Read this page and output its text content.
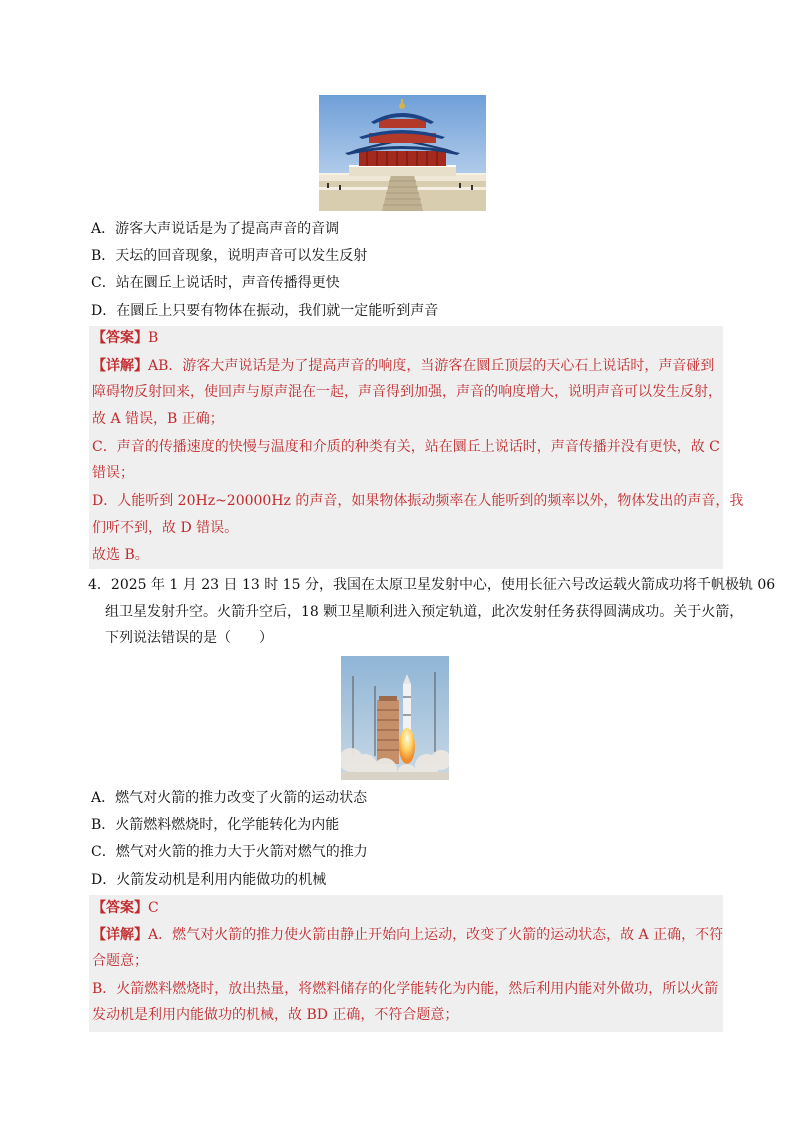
A．游客大声说话是为了提高声音的音调
B．天坛的回音现象，说明声音可以发生反射
C．站在圜丘上说话时，声音传播得更快
D．在圜丘上只要有物体在振动，我们就一定能听到声音
【答案】B
【详解】AB．游客大声说话是为了提高声音的响度，当游客在圜丘顶层的天心石上说话时，声音碰到
障碍物反射回来，使回声与原声混在一起，声音得到加强，声音的响度增大，说明声音可以发生反射，
故 A 错误，B 正确；
C．声音的传播速度的快慢与温度和介质的种类有关，站在圜丘上说话时，声音传播并没有更快，故 C
错误；
D．人能听到 20Hz~20000Hz 的声音，如果物体振动频率在人能听到的频率以外，物体发出的声音，我
们听不到，故 D 错误。
故选 B。
4．2025 年 1 月 23 日 13 时 15 分，我国在太原卫星发射中心，使用长征六号改运载火箭成功将千帆极轨 06
组卫星发射升空。火箭升空后，18 颗卫星顺利进入预定轨道，此次发射任务获得圆满成功。关于火箭，
下列说法错误的是（　　）
A．燃气对火箭的推力改变了火箭的运动状态
B．火箭燃料燃烧时，化学能转化为内能
C．燃气对火箭的推力大于火箭对燃气的推力
D．火箭发动机是利用内能做功的机械
【答案】C
【详解】A．燃气对火箭的推力使火箭由静止开始向上运动，改变了火箭的运动状态，故 A 正确，不符
合题意；
B．火箭燃料燃烧时，放出热量，将燃料储存的化学能转化为内能，然后利用内能对外做功，所以火箭
发动机是利用内能做功的机械，故 BD 正确，不符合题意；
